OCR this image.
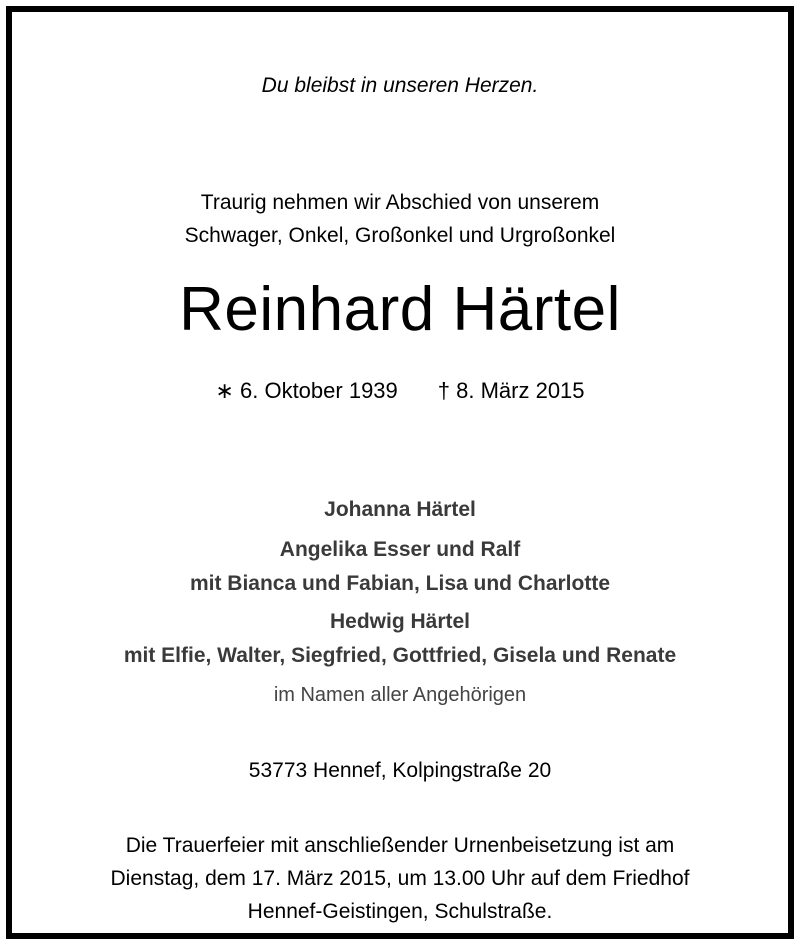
Du bleibst in unseren Herzen.
Traurig nehmen wir Abschied von unserem
Schwager, Onkel, Großonkel und Urgroßonkel
Reinhard Härtel
∗ 6. Oktober 1939 † 8. März 2015
Johanna Härtel
Angelika Esser und Ralf
mit Bianca und Fabian, Lisa und Charlotte
Hedwig Härtel
mit Elfie, Walter, Siegfried, Gottfried, Gisela und Renate
im Namen aller Angehörigen
53773 Hennef, Kolpingstraße 20
Die Trauerfeier mit anschließender Urnenbeisetzung ist am
Dienstag, dem 17. März 2015, um 13.00 Uhr auf dem Friedhof
Hennef-Geistingen, Schulstraße.
